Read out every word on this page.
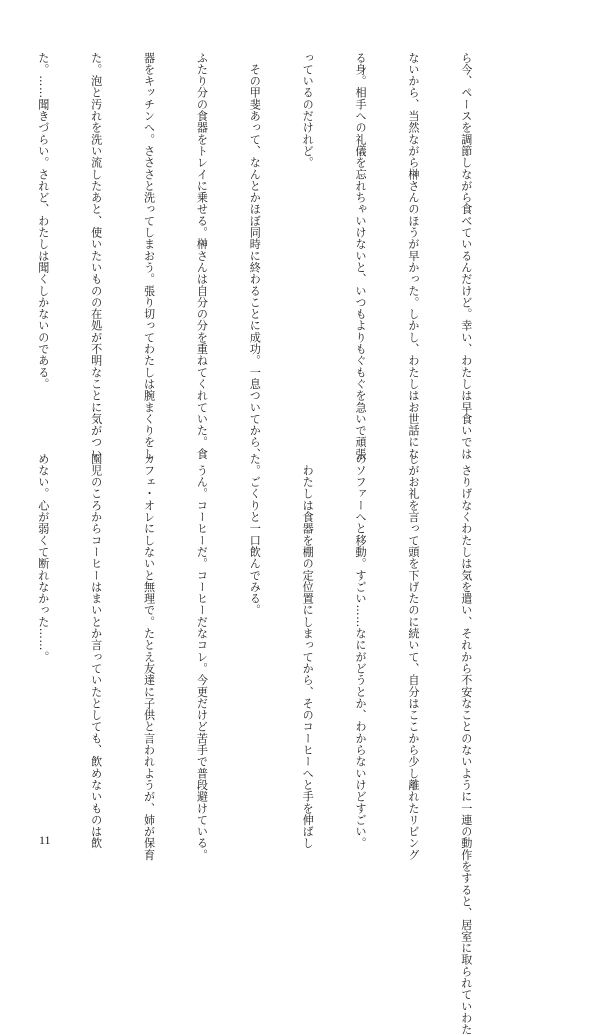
ら今、ペースを調節しながら食べているんだけど。幸い、わたしは早食いでは

ないから、当然ながら榊さんのほうが早かった。しかし、わたしはお世話にな

る身。相手への礼儀を忘れちゃいけないと、いつもよりもぐもぐを急いで頑張

っているのだけれど。

　その甲斐あって、なんとかほぼ同時に終わることに成功。一息ついてから、

ふたり分の食器をトレイに乗せる。榊さんは自分の分を重ねてくれていた。食

器をキッチンへ。さささと洗ってしまおう。張り切ってわたしは腕まくりをし

た。泡と汚れを洗い流したあと、使いたいものの在処が不明なことに気がつい

た。……聞きづらい。されど、わたしは聞くしかないのである。

　さりげなくわたしは気を遣い、それから不安なことのないように一連の動作をすると、居室に取られていわた

しがお礼を言って頭を下げたのに続いて、自分はここから少し離れたリビング

のソファーへと移動。すごい……なにがどうとか、わからないけどすごい。

　わたしは食器を棚の定位置にしまってから、そのコーヒーへと手を伸ばし

た。ごくりと一口飲んでみる。

　うん。コーヒーだ。コーヒーだなコレ。今更だけど苦手で普段避けている。

カフェ・オレにしないと無理で。たとえ友達に子供と言われようが、姉が保育

園児のころからコーヒーはまいとか言っていたとしても、飲めないものは飲

めない。心が弱くて断れなかった……。

11
